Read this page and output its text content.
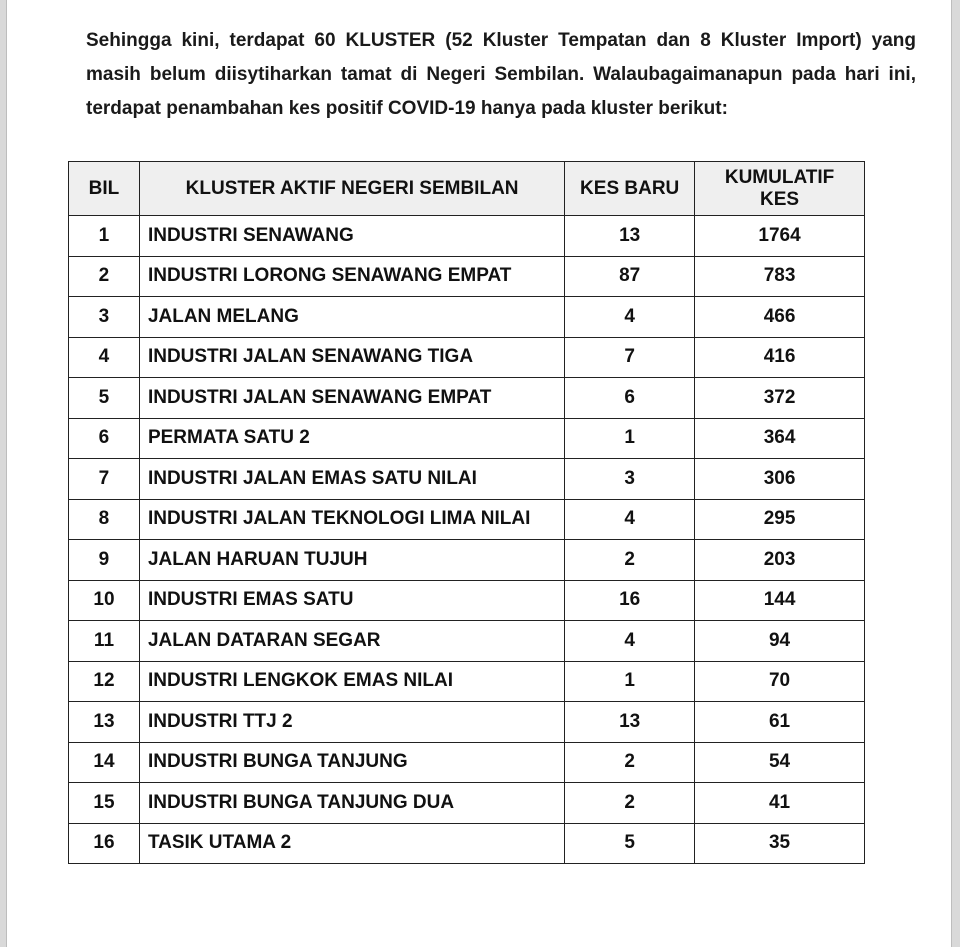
Sehingga kini, terdapat 60 KLUSTER (52 Kluster Tempatan dan 8 Kluster Import) yang
masih belum diisytiharkan tamat di Negeri Sembilan. Walaubagaimanapun pada hari ini,
terdapat penambahan kes positif COVID-19 hanya pada kluster berikut:
BIL	KLUSTER AKTIF NEGERI SEMBILAN	KES BARU	KUMULATIF
KES
1	INDUSTRI SENAWANG	13	1764
2	INDUSTRI LORONG SENAWANG EMPAT	87	783
3	JALAN MELANG	4	466
4	INDUSTRI JALAN SENAWANG TIGA	7	416
5	INDUSTRI JALAN SENAWANG EMPAT	6	372
6	PERMATA SATU 2	1	364
7	INDUSTRI JALAN EMAS SATU NILAI	3	306
8	INDUSTRI JALAN TEKNOLOGI LIMA NILAI	4	295
9	JALAN HARUAN TUJUH	2	203
10	INDUSTRI EMAS SATU	16	144
11	JALAN DATARAN SEGAR	4	94
12	INDUSTRI LENGKOK EMAS NILAI	1	70
13	INDUSTRI TTJ 2	13	61
14	INDUSTRI BUNGA TANJUNG	2	54
15	INDUSTRI BUNGA TANJUNG DUA	2	41
16	TASIK UTAMA 2	5	35
